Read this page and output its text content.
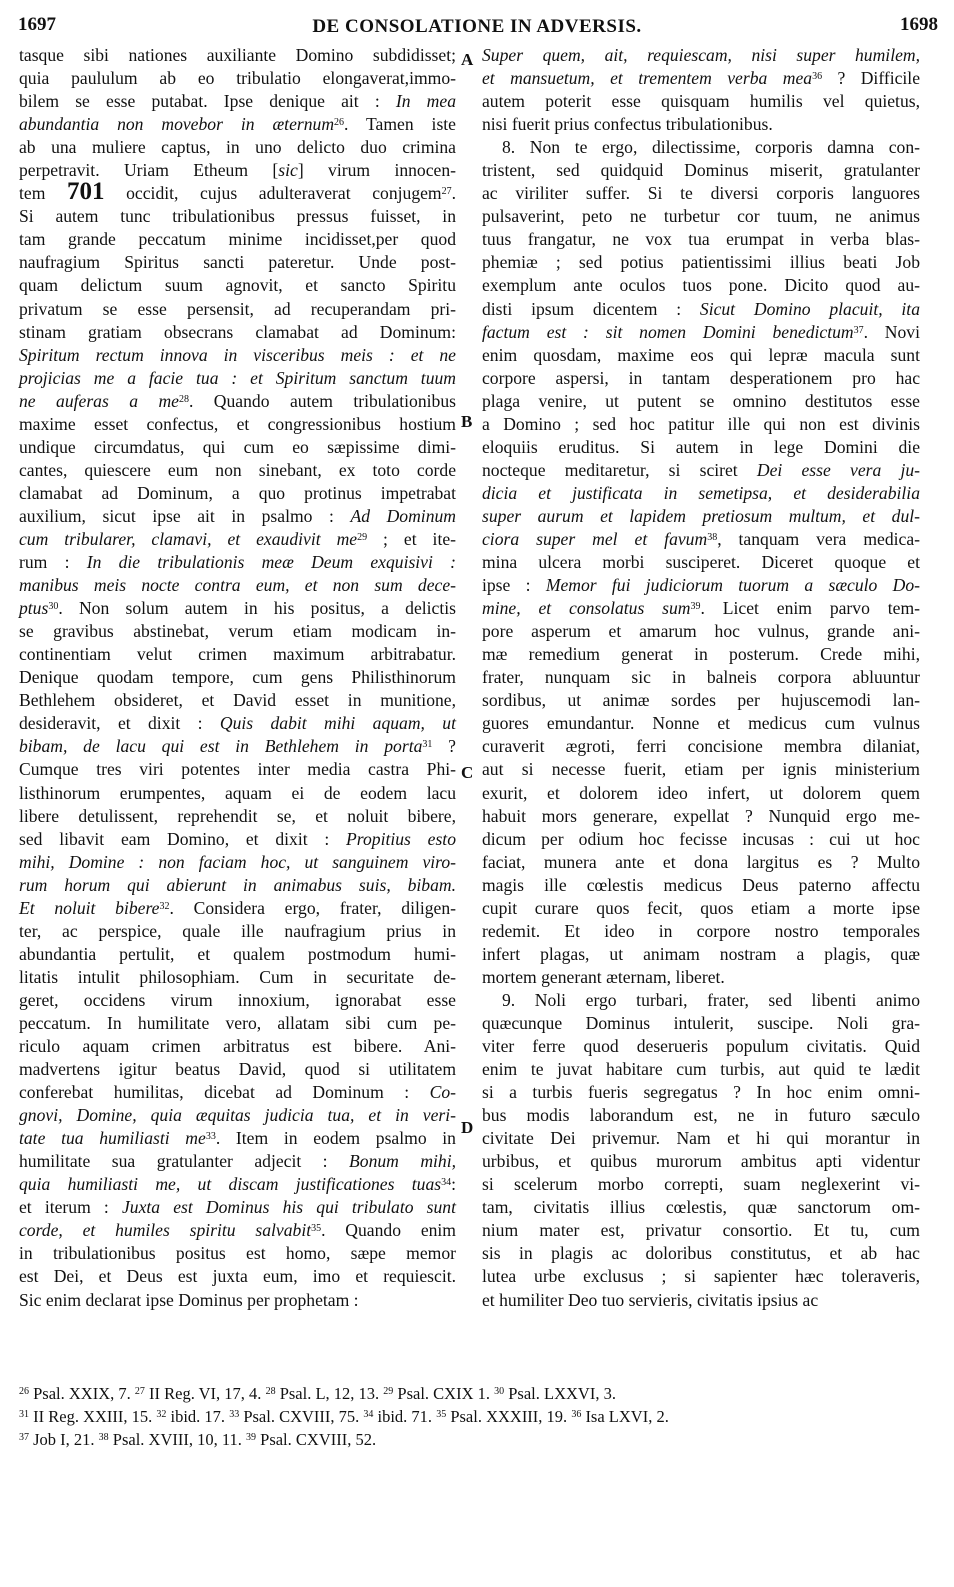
1697	DE CONSOLATIONE IN ADVERSIS.	1698
tasque sibi nationes auxiliante Domino subdidisset;
quia paululum ab eo tribulatio elongaverat,immo-
bilem se esse putabat. Ipse denique ait : In mea
abundantia non movebor in æternum$^{26}$. Tamen iste
ab una muliere captus, in uno delicto duo crimina
perpetravit. Uriam Etheum [sic] virum innocen-
tem 701 occidit, cujus adulteraverat conjugem$^{27}$.
Si autem tunc tribulationibus pressus fuisset, in
tam grande peccatum minime incidisset,per quod
naufragium Spiritus sancti pateretur. Unde post-
quam delictum suum agnovit, et sancto Spiritu
privatum se esse persensit, ad recuperandam pri-
stinam gratiam obsecrans clamabat ad Dominum:
Spiritum rectum innova in visceribus meis : et ne
projicias me a facie tua : et Spiritum sanctum tuum
ne auferas a $me^{28}$. Quando autem tribulationibus
maxime esset confectus, et congressionibus hostium
undique circumdatus, qui cum eo sæpissime dimi-
cantes, quiescere eum non sinebant, ex toto corde
clamabat ad Dominum, a quo protinus impetrabat
auxilium, sicut ipse ait in psalmo : Ad Dominum
cum tribularer, clamavi, et exaudivit $me^{29}$ ; et ite-
rum : In die tribulationis meæ Deum exquisivi :
manibus meis nocte contra eum, et non sum dece-
ptus$^{30}$. Non solum autem in his positus, a delictis
se gravibus abstinebat, verum etiam modicam in-
continentiam velut crimen maximum arbitrabatur.
Denique quodam tempore, cum gens Philisthinorum
Bethlehem obsideret, et David esset in munitione,
desideravit, et dixit : Quis dabit mihi aquam, ut
bibam, de lacu qui est in Bethlehem in porta$^{31}$ ?
Cumque tres viri potentes inter media castra Phi-
listhinorum erumpentes, aquam ei de eodem lacu
libere detulissent, reprehendit se, et noluit bibere,
sed libavit eam Domino, et dixit : Propitius esto
mihi, Domine : non faciam hoc, ut sanguinem viro-
rum horum qui abierunt in animabus suis, bibam.
Et noluit bibere$^{32}$. Considera ergo, frater, diligen-
ter, ac perspice, quale ille naufragium prius in
abundantia pertulit, et qualem postmodum humi-
litatis intulit philosophiam. Cum in securitate de-
geret, occidens virum innoxium, ignorabat esse
peccatum. In humilitate vero, allatam sibi cum pe-
riculo aquam crimen arbitratus est bibere. Ani-
madvertens igitur beatus David, quod si utilitatem
conferebat humilitas, dicebat ad Dominum : Co-
gnovi, Domine, quia æquitas judicia tua, et in veri-
tate tua humiliasti $me^{33}$. Item in eodem psalmo in
humilitate sua gratulanter adjecit : Bonum mihi,
quia humiliasti me, ut discam justificationes tuas$^{34}$:
et iterum : Juxta est Dominus his qui tribulato sunt
corde, et humiles spiritu salvabit$^{35}$. Quando enim
in tribulationibus positus est homo, sæpe memor
est Dei, et Deus est juxta eum, imo et requiescit.
Sic enim declarat ipse Dominus per prophetam :
Super quem, ait, requiescam, nisi super humilem,
et mansuetum, et trementem verba mea$^{36}$ ? Difficile
autem poterit esse quisquam humilis vel quietus,
nisi fuerit prius confectus tribulationibus.
8. Non te ergo, dilectissime, corporis damna con-
tristent, sed quidquid Dominus miserit, gratulanter
ac viriliter suffer. Si te diversi corporis languores
pulsaverint, peto ne turbetur cor tuum, ne animus
tuus frangatur, ne vox tua erumpat in verba blas-
phemiæ ; sed potius patientissimi illius beati Job
exemplum ante oculos tuos pone. Dicito quod au-
disti ipsum dicentem : Sicut Domino placuit, ita
factum est : sit nomen Domini benedictum$^{37}$. Novi
enim quosdam, maxime eos qui lepræ macula sunt
corpore aspersi, in tantam desperationem pro hac
plaga venire, ut putent se omnino destitutos esse
a Domino ; sed hoc patitur ille qui non est divinis
eloquiis eruditus. Si autem in lege Domini die
nocteque meditaretur, si sciret Dei esse vera ju-
dicia et justificata in semetipsa, et desiderabilia
super aurum et lapidem pretiosum multum, et dul-
ciora super mel et favum$^{38}$, tanquam vera medica-
mina ulcera morbi susciperet. Diceret quoque et
ipse : Memor fui judiciorum tuorum a sæculo Do-
mine, et consolatus sum$^{39}$. Licet enim parvo tem-
pore asperum et amarum hoc vulnus, grande ani-
mæ remedium generat in posterum. Crede mihi,
frater, nunquam sic in balneis corpora abluuntur
sordibus, ut animæ sordes per hujuscemodi lan-
guores emundantur. Nonne et medicus cum vulnus
curaverit ægroti, ferri concisione membra dilaniat,
aut si necesse fuerit, etiam per ignis ministerium
exurit, et dolorem ideo infert, ut dolorem quem
habuit mors generare, expellat ? Nunquid ergo me-
dicum per odium hoc fecisse incusas : cui ut hoc
faciat, munera ante et dona largitus es ? Multo
magis ille cœlestis medicus Deus paterno affectu
cupit curare quos fecit, quos etiam a morte ipse
redemit. Et ideo in corpore nostro temporales
infert plagas, ut animam nostram a plagis, quæ
mortem generant æternam, liberet.
9. Noli ergo turbari, frater, sed libenti animo
quæcunque Dominus intulerit, suscipe. Noli gra-
viter ferre quod deserueris populum civitatis. Quid
enim te juvat habitare cum turbis, aut quid te lædit
si a turbis fueris segregatus ? In hoc enim omni-
bus modis laborandum est, ne in futuro sæculo
civitate Dei privemur. Nam et hi qui morantur in
urbibus, et quibus murorum ambitus apti videntur
si scelerum morbo correpti, suam neglexerint vi-
tam, civitatis illius cœlestis, quæ sanctorum om-
nium mater est, privatur consortio. Et tu, cum
sis in plagis ac doloribus constitutus, et ab hac
lutea urbe exclusus ; si sapienter hæc toleraveris,
et humiliter Deo tuo servieris, civitatis ipsius ac
A
B
C
D
$^{26}$ Psal. XXIX, 7. $^{27}$ II Reg. VI, 17, 4. $^{28}$ Psal. L, 12, 13. $^{29}$ Psal. CXIX 1. $^{30}$ Psal. LXXVI, 3.
$^{31}$ II Reg. XXIII, 15. $^{32}$ ibid. 17. $^{33}$ Psal. CXVIII, 75. $^{34}$ ibid. 71. $^{35}$ Psal. XXXIII, 19. $^{36}$ Isa LXVI, 2.
$^{37}$ Job I, 21. $^{38}$ Psal. XVIII, 10, 11. $^{39}$ Psal. CXVIII, 52.
